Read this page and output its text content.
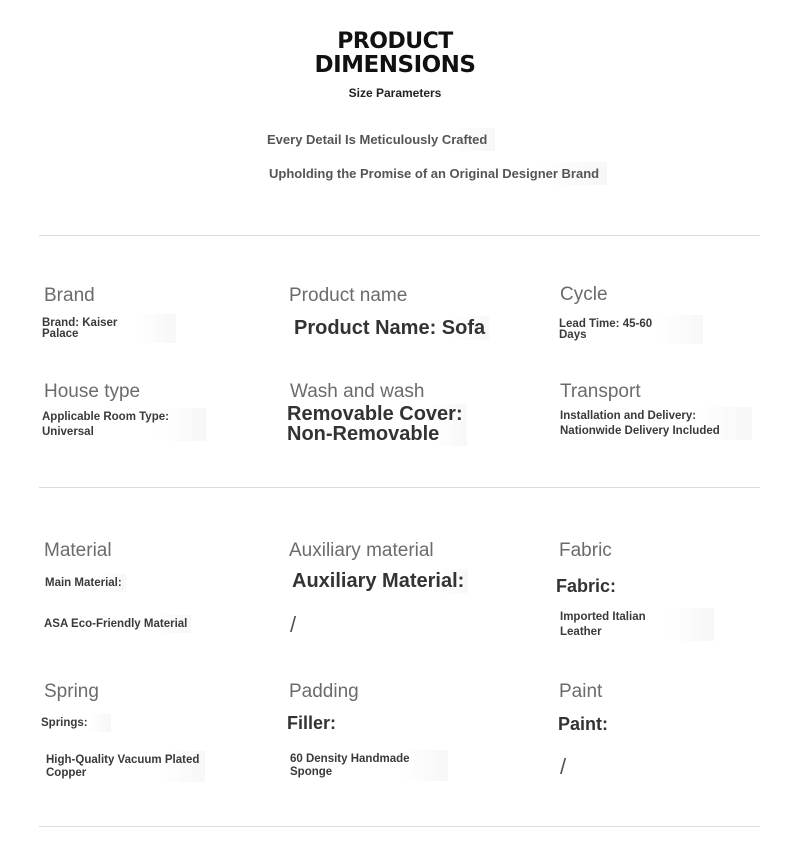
PRODUCT
DIMENSIONS
Size Parameters
Every Detail Is Meticulously Crafted
Upholding the Promise of an Original Designer Brand
Brand
Brand: Kaiser
Palace
Product name
Product Name: Sofa
Cycle
Lead Time: 45-60
Days
House type
Applicable Room Type:
Universal
Wash and wash
Removable Cover:
Non-Removable
Transport
Installation and Delivery:
Nationwide Delivery Included
Material
Main Material:
ASA Eco-Friendly Material
Auxiliary material
Auxiliary Material:
/
Fabric
Fabric:
Imported Italian
Leather
Spring
Springs:
High-Quality Vacuum Plated
Copper
Padding
Filler:
60 Density Handmade
Sponge
Paint
Paint:
/
